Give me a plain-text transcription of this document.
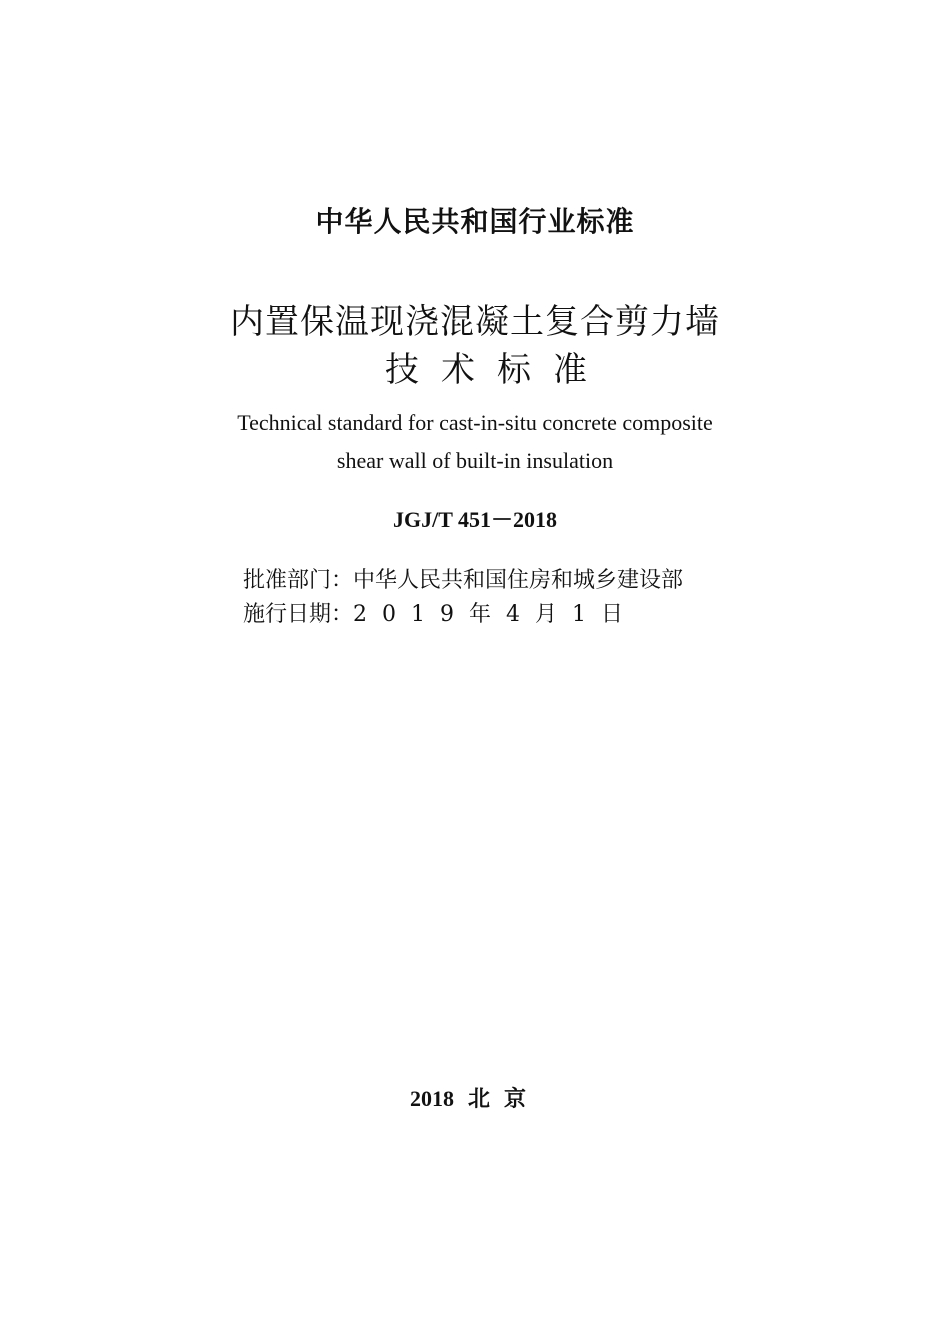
中华人民共和国行业标准
内置保温现浇混凝土复合剪力墙
技术标准
Technical standard for cast-in-situ concrete composite
shear wall of built-in insulation
JGJ/T 451－2018
批准部门：中华人民共和国住房和城乡建设部
施行日期：2019年4月1日
2018 北京
